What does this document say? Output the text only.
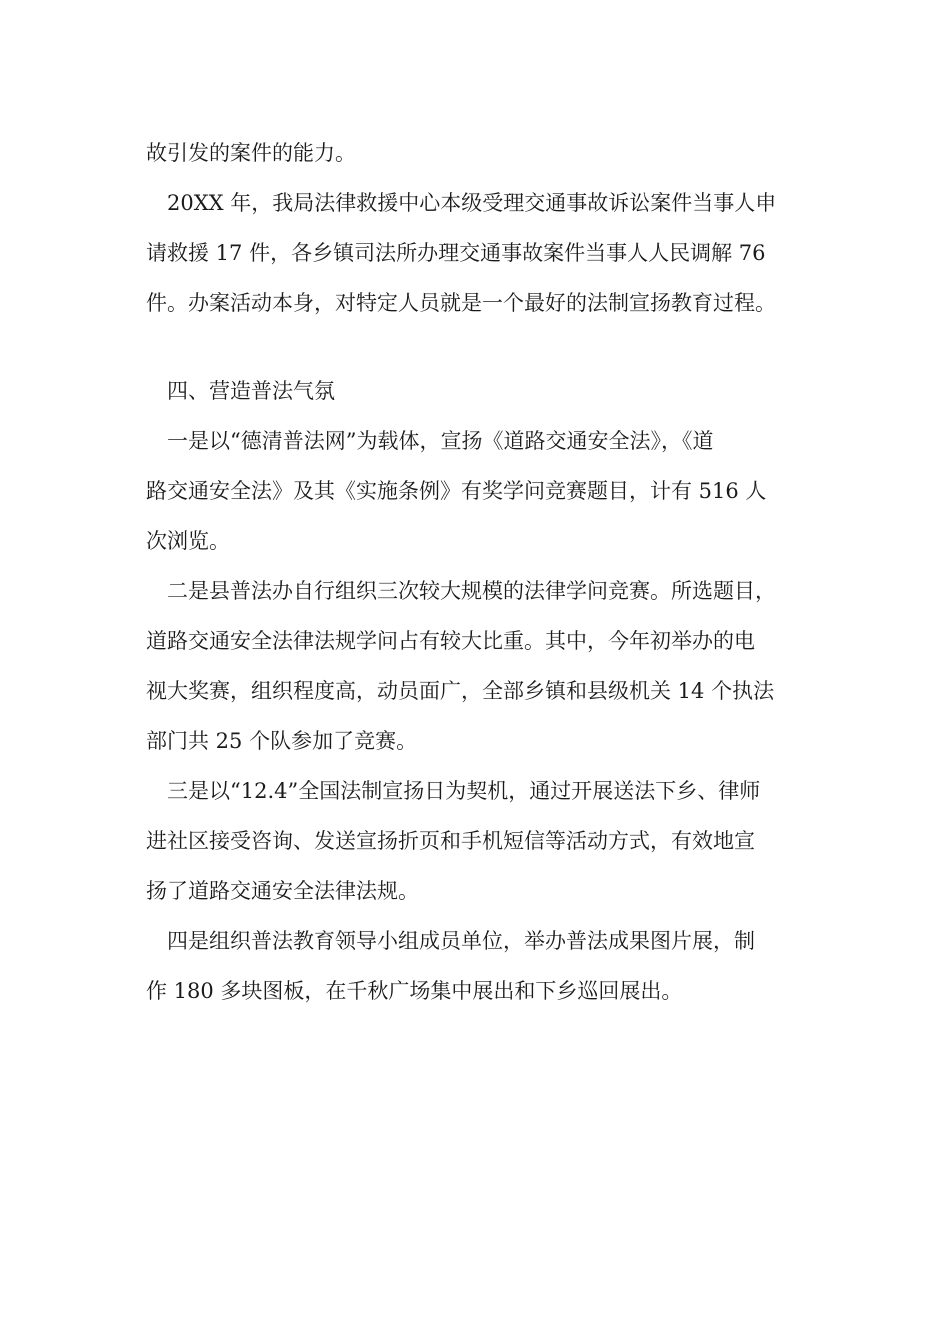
故引发的案件的能力。
20XX 年，我局法律救援中心本级受理交通事故诉讼案件当事人申
请救援 17 件，各乡镇司法所办理交通事故案件当事人人民调解 76
件。办案活动本身，对特定人员就是一个最好的法制宣扬教育过程。
四、营造普法气氛
一是以“德清普法网”为载体，宣扬《道路交通安全法》，《道
路交通安全法》及其《实施条例》有奖学问竞赛题目，计有 516 人
次浏览。
二是县普法办自行组织三次较大规模的法律学问竞赛。所选题目，
道路交通安全法律法规学问占有较大比重。其中，今年初举办的电
视大奖赛，组织程度高，动员面广，全部乡镇和县级机关 14 个执法
部门共 25 个队参加了竞赛。
三是以“12.4”全国法制宣扬日为契机，通过开展送法下乡、律师
进社区接受咨询、发送宣扬折页和手机短信等活动方式，有效地宣
扬了道路交通安全法律法规。
四是组织普法教育领导小组成员单位，举办普法成果图片展，制
作 180 多块图板，在千秋广场集中展出和下乡巡回展出。
